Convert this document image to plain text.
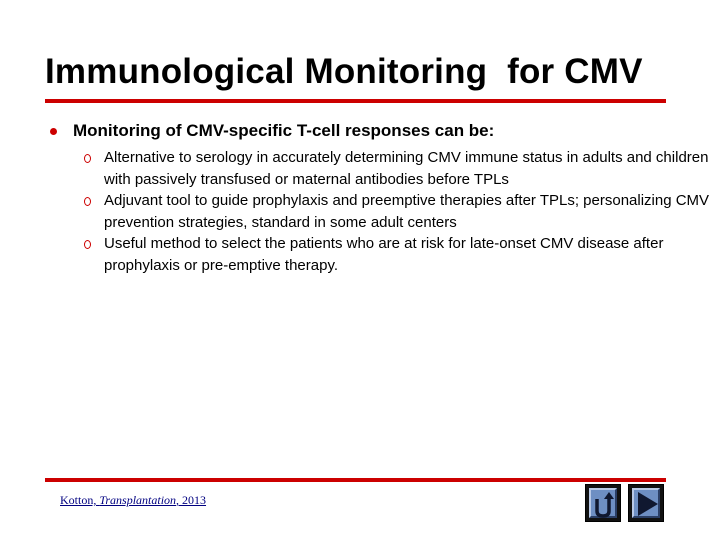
Immunological Monitoring  for CMV
Monitoring of CMV-specific T-cell responses can be:
Alternative to serology in accurately determining CMV immune status in adults and children with passively transfused or maternal antibodies before TPLs
Adjuvant tool to guide prophylaxis and preemptive therapies after TPLs; personalizing CMV prevention strategies, standard in some adult centers
Useful method to select the patients who are at risk for late-onset CMV disease after prophylaxis or pre-emptive therapy.
Kotton, Transplantation, 2013
